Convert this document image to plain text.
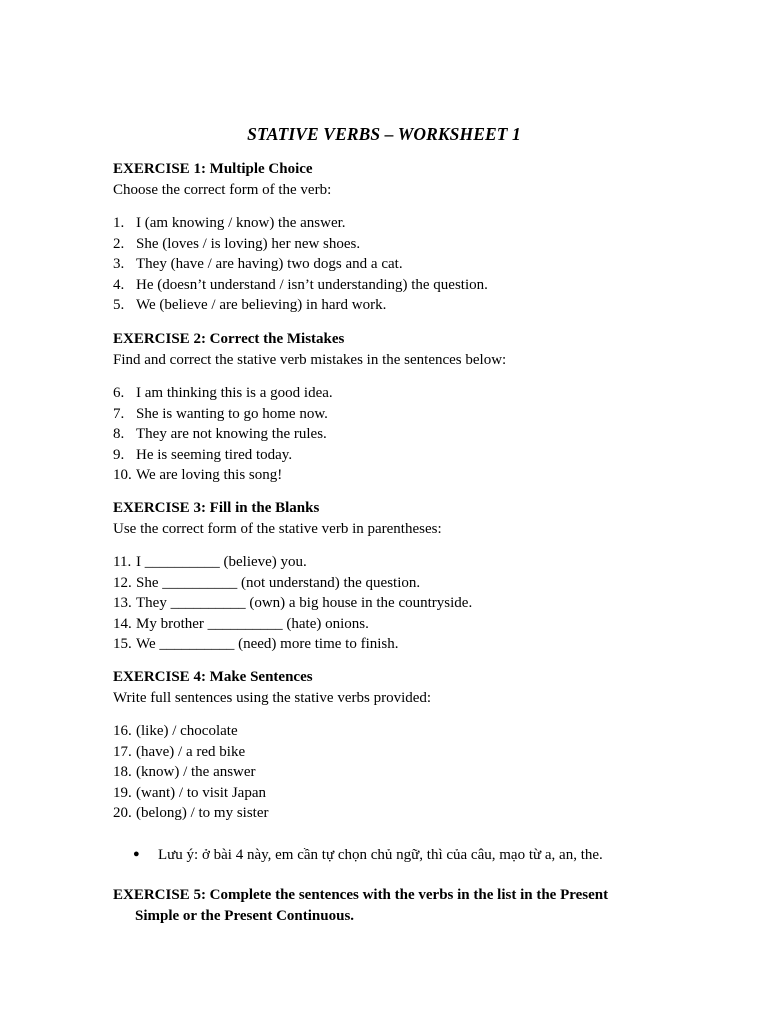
STATIVE VERBS – WORKSHEET 1
EXERCISE 1: Multiple Choice
Choose the correct form of the verb:
1. I (am knowing / know) the answer.
2. She (loves / is loving) her new shoes.
3. They (have / are having) two dogs and a cat.
4. He (doesn’t understand / isn’t understanding) the question.
5. We (believe / are believing) in hard work.
EXERCISE 2: Correct the Mistakes
Find and correct the stative verb mistakes in the sentences below:
6. I am thinking this is a good idea.
7. She is wanting to go home now.
8. They are not knowing the rules.
9. He is seeming tired today.
10. We are loving this song!
EXERCISE 3: Fill in the Blanks
Use the correct form of the stative verb in parentheses:
11. I __________ (believe) you.
12. She __________ (not understand) the question.
13. They __________ (own) a big house in the countryside.
14. My brother __________ (hate) onions.
15. We __________ (need) more time to finish.
EXERCISE 4: Make Sentences
Write full sentences using the stative verbs provided:
16. (like) / chocolate
17. (have) / a red bike
18. (know) / the answer
19. (want) / to visit Japan
20. (belong) / to my sister
● Lưu ý: ở bài 4 này, em cần tự chọn chủ ngữ, thì của câu, mạo từ a, an, the.
EXERCISE 5: Complete the sentences with the verbs in the list in the Present
Simple or the Present Continuous.
